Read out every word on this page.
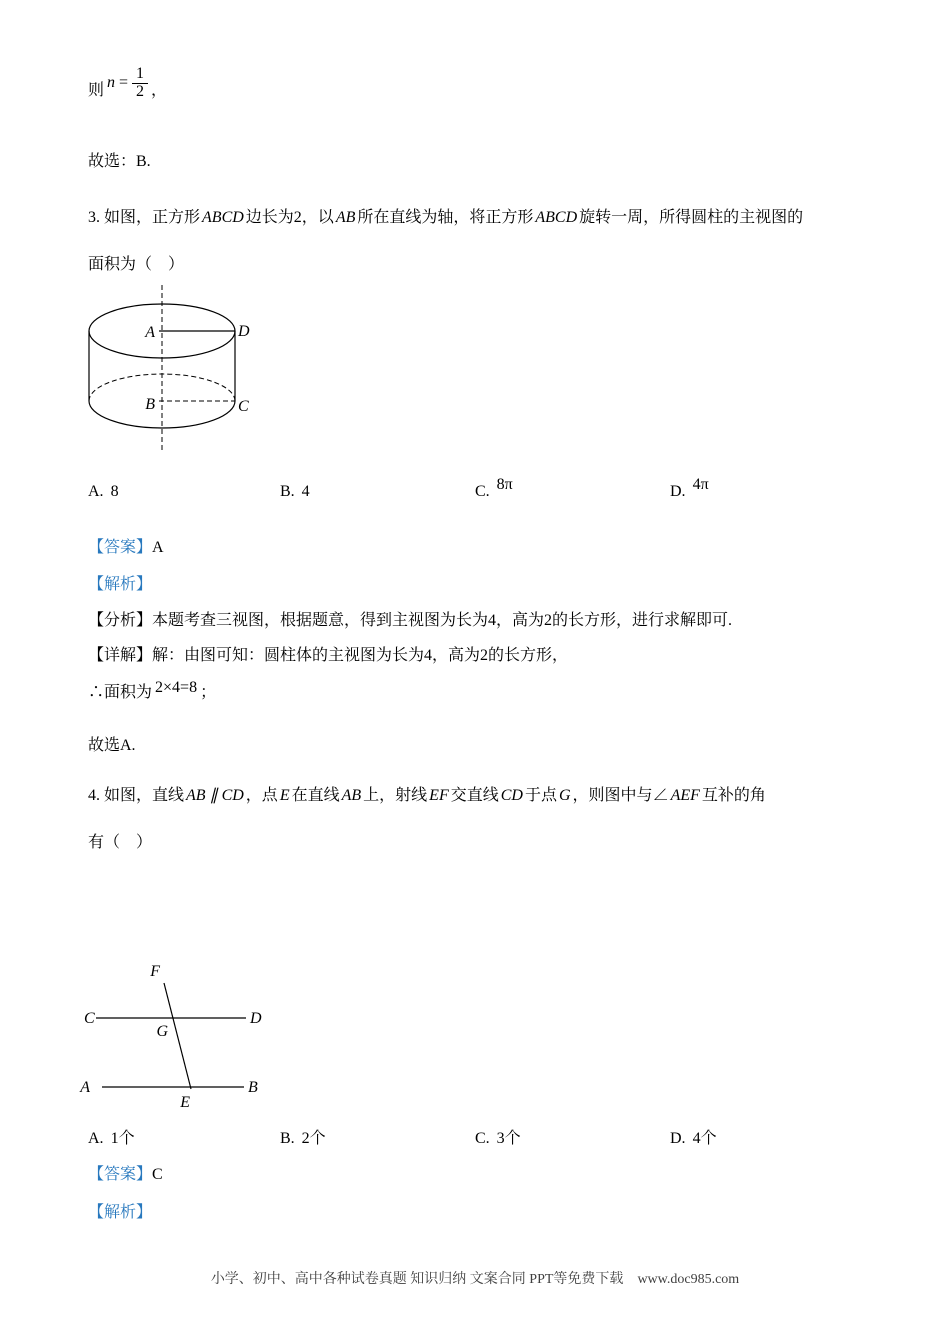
则 $n = \frac{1}{2}$ ，
故选：B.
3. 如图，正方形 ABCD 边长为2，以 AB 所在直线为轴，将正方形 ABCD 旋转一周，所得圆柱的主视图的
面积为（　）
A	D
B	C
A. 8	B. 4	C. 8π	D. 4π
【答案】A
【解析】
【分析】本题考查三视图，根据题意，得到主视图为长为4，高为2的长方形，进行求解即可.
【详解】解：由图可知：圆柱体的主视图为长为4，高为2的长方形，
∴面积为 2×4=8 ；
故选A.
4. 如图，直线 AB ∥ CD ，点 E 在直线 AB 上，射线 EF 交直线 CD 于点 G ，则图中与∠ AEF 互补的角
有（　）
F
C	D
G
A	B
E
A. 1个	B. 2个	C. 3个	D. 4个
【答案】C
【解析】
小学、初中、高中各种试卷真题 知识归纳 文案合同 PPT等免费下载 www.doc985.com
